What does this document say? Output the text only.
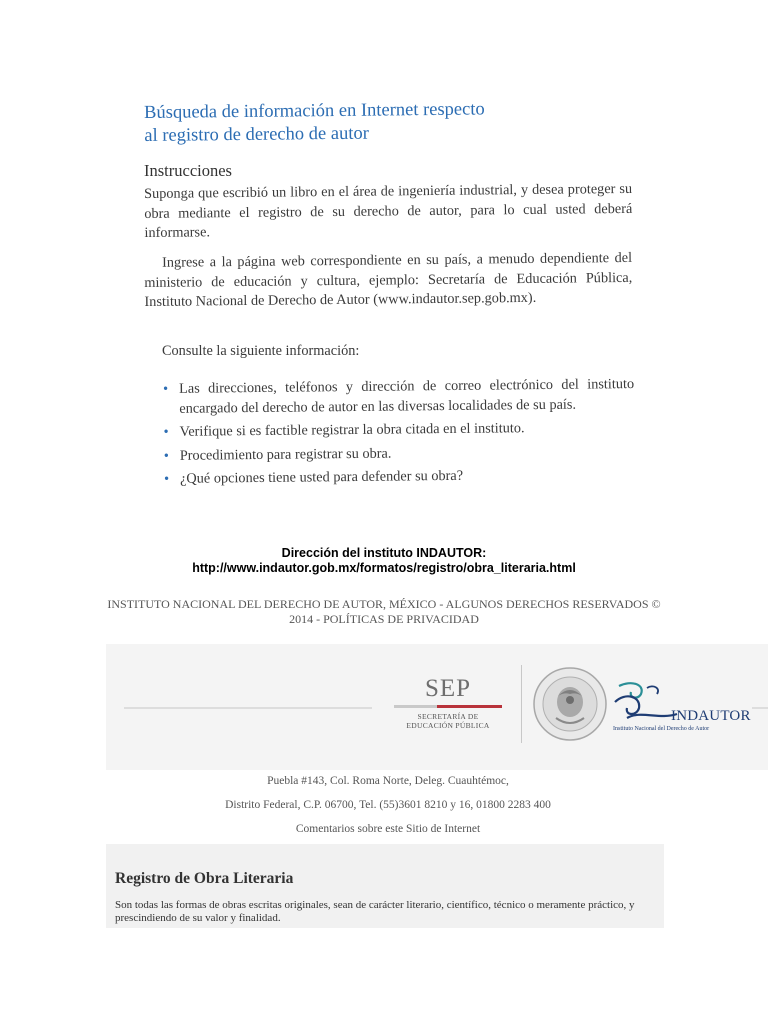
Búsqueda de información en Internet respecto
al registro de derecho de autor
Instrucciones
Suponga que escribió un libro en el área de ingeniería industrial, y desea proteger su obra mediante el registro de su derecho de autor, para lo cual usted deberá informarse.
Ingrese a la página web correspondiente en su país, a menudo dependiente del ministerio de educación y cultura, ejemplo: Secretaría de Educación Pública, Instituto Nacional de Derecho de Autor (www.indautor.sep.gob.mx).
Consulte la siguiente información:
• Las direcciones, teléfonos y dirección de correo electrónico del instituto encargado del derecho de autor en las diversas localidades de su país.
• Verifique si es factible registrar la obra citada en el instituto.
• Procedimiento para registrar su obra.
• ¿Qué opciones tiene usted para defender su obra?
Dirección del instituto INDAUTOR:
http://www.indautor.gob.mx/formatos/registro/obra_literaria.html
INSTITUTO NACIONAL DEL DERECHO DE AUTOR, MÉXICO - ALGUNOS DERECHOS RESERVADOS © 2014 - POLÍTICAS DE PRIVACIDAD
SEP
SECRETARÍA DE
EDUCACIÓN PÚBLICA
INDAUTOR
Instituto Nacional del Derecho de Autor
Puebla #143, Col. Roma Norte, Deleg. Cuauhtémoc,
Distrito Federal, C.P. 06700, Tel. (55)3601 8210 y 16, 01800 2283 400
Comentarios sobre este Sitio de Internet
Registro de Obra Literaria

Son todas las formas de obras escritas originales, sean de carácter literario, científico, técnico o meramente práctico, y prescindiendo de su valor y finalidad.
